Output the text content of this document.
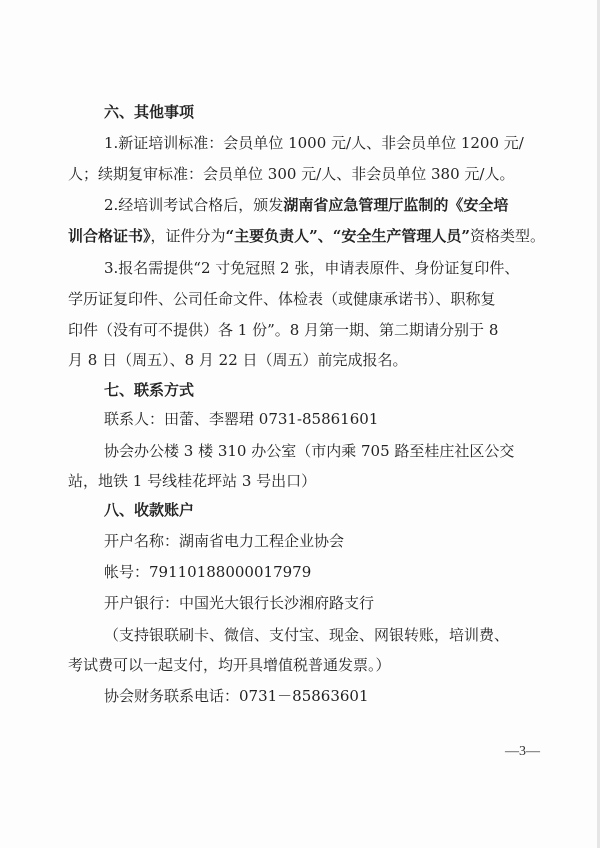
六、其他事项
1.新证培训标准：会员单位 1000 元/人、非会员单位 1200 元/
人；续期复审标准：会员单位 300 元/人、非会员单位 380 元/人。
2.经培训考试合格后，颁发湖南省应急管理厅监制的《安全培
训合格证书》，证件分为“主要负责人”、“安全生产管理人员”资格类型。
3.报名需提供“2 寸免冠照 2 张，申请表原件、身份证复印件、
学历证复印件、公司任命文件、体检表（或健康承诺书）、职称复
印件（没有可不提供）各 1 份”。8 月第一期、第二期请分别于 8
月 8 日（周五）、8 月 22 日（周五）前完成报名。
七、联系方式
联系人：田蕾、李罂珺 0731-85861601
协会办公楼 3 楼 310 办公室（市内乘 705 路至桂庄社区公交
站，地铁 1 号线桂花坪站 3 号出口）
八、收款账户
开户名称：湖南省电力工程企业协会
帐号：79110188000017979
开户银行：中国光大银行长沙湘府路支行
（支持银联刷卡、微信、支付宝、现金、网银转账，培训费、
考试费可以一起支付，均开具增值税普通发票。）
协会财务联系电话：0731－85863601
—3—
